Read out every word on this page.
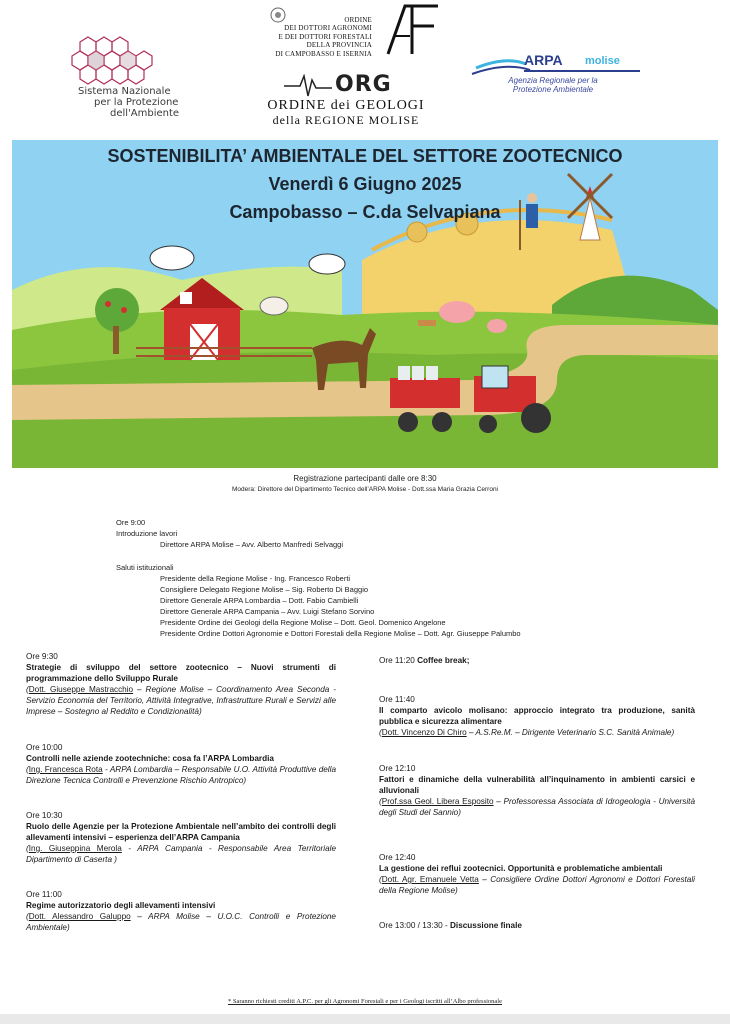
Sistema Nazionale
per la Protezione
dell'Ambiente
ORDINE
DEI DOTTORI AGRONOMI
E DEI DOTTORI FORESTALI
DELLA PROVINCIA
DI CAMPOBASSO E ISERNIA
ORG
ORDINE dei GEOLOGI
della REGIONE MOLISE
ARPA molise
Agenzia Regionale per la
Protezione Ambientale
SOSTENIBILITA’ AMBIENTALE DEL SETTORE ZOOTECNICO
Venerdì 6 Giugno 2025
Campobasso – C.da Selvapiana
Registrazione partecipanti dalle ore 8:30
Modera: Direttore del Dipartimento Tecnico dell’ARPA Molise - Dott.ssa Maria Grazia Cerroni
Ore 9:00
Introduzione lavori
Direttore ARPA Molise – Avv. Alberto Manfredi Selvaggi
Saluti istituzionali
Presidente della Regione Molise - Ing. Francesco Roberti
Consigliere Delegato Regione Molise – Sig. Roberto Di Baggio
Direttore Generale ARPA Lombardia – Dott. Fabio Cambielli
Direttore Generale ARPA Campania – Avv. Luigi Stefano Sorvino
Presidente Ordine dei Geologi della Regione Molise – Dott. Geol. Domenico Angelone
Presidente Ordine Dottori Agronomie e Dottori Forestali della Regione Molise – Dott. Agr. Giuseppe Palumbo
Ore 9:30
Strategie di sviluppo del settore zootecnico – Nuovi strumenti di programmazione dello Sviluppo Rurale
(Dott. Giuseppe Mastracchio – Regione Molise – Coordinamento Area Seconda - Servizio Economia del Territorio, Attività Integrative, Infrastrutture Rurali e Servizi alle Imprese – Sostegno al Reddito e Condizionalità)
Ore 10:00
Controlli nelle aziende zootechniche: cosa fa l’ARPA Lombardia
(Ing. Francesca Rota - ARPA Lombardia – Responsabile U.O. Attività Produttive della Direzione Tecnica Controlli e Prevenzione Rischio Antropico)
Ore 10:30
Ruolo delle Agenzie per la Protezione Ambientale nell’ambito dei controlli degli allevamenti intensivi – esperienza dell’ARPA Campania
(Ing. Giuseppina Merola - ARPA Campania - Responsabile Area Territoriale Dipartimento di Caserta )
Ore 11:00
Regime autorizzatorio degli allevamenti intensivi
(Dott. Alessandro Galuppo – ARPA Molise – U.O.C. Controlli e Protezione Ambientale)
Ore 11:20 Coffee break;
Ore 11:40
Il comparto avicolo molisano: approccio integrato tra produzione, sanità pubblica e sicurezza alimentare
(Dott. Vincenzo Di Chiro – A.S.Re.M. – Dirigente Veterinario S.C. Sanità Animale)
Ore 12:10
Fattori e dinamiche della vulnerabilità all’inquinamento in ambienti carsici e alluvionali
(Prof.ssa Geol. Libera Esposito – Professoressa Associata di Idrogeologia - Università degli Studi del Sannio)
Ore 12:40
La gestione dei reflui zootecnici. Opportunità e problematiche ambientali
(Dott. Agr. Emanuele Vetta – Consigliere Ordine Dottori Agronomi e Dottori Forestali della Regione Molise)
Ore 13:00 / 13:30 - Discussione finale
* Saranno richiesti crediti A.P.C. per gli Agronomi Forestali e per i Geologi iscritti all’Albo professionale
